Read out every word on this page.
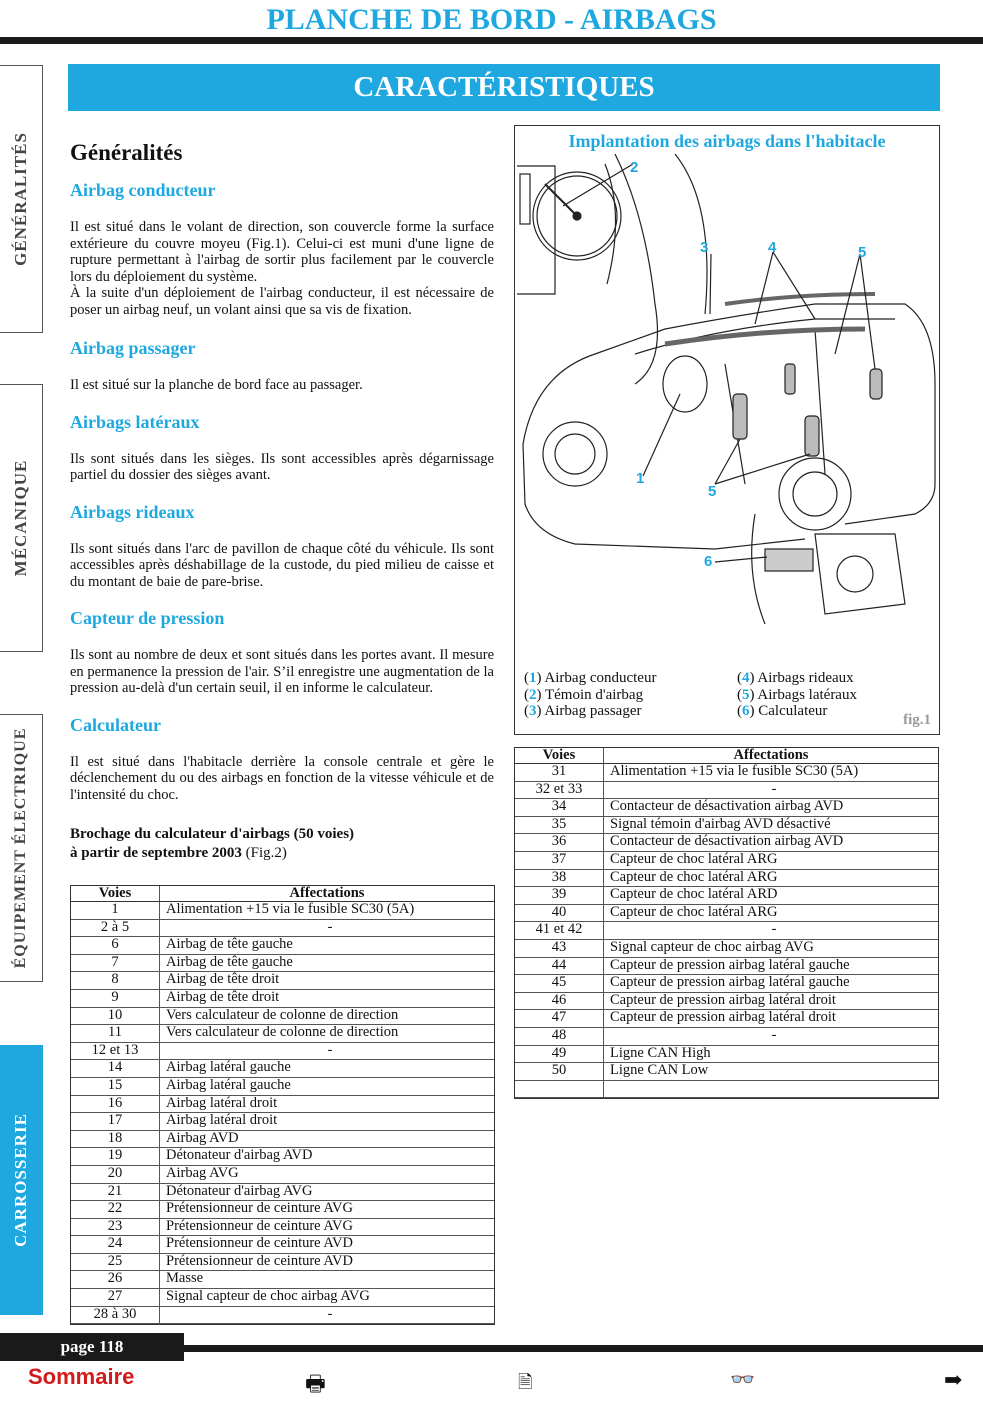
PLANCHE DE BORD - AIRBAGS
CARACTÉRISTIQUES
GÉNÉRALITÉS
MÉCANIQUE
ÉQUIPEMENT ÉLECTRIQUE
CARROSSERIE
Généralités
Airbag conducteur

Il est situé dans le volant de direction, son couvercle forme la surface extérieure du couvre moyeu (Fig.1). Celui-ci est muni d'une ligne de rupture permettant à l'airbag de sortir plus facilement par le couvercle lors du déploiement du système.

À la suite d'un déploiement de l'airbag conducteur, il est nécessaire de poser un airbag neuf, un volant ainsi que sa vis de fixation.

Airbag passager

Il est situé sur la planche de bord face au passager.

Airbags latéraux

Ils sont situés dans les sièges. Ils sont accessibles après dégarnissage partiel du dossier des sièges avant.

Airbags rideaux

Ils sont situés dans l'arc de pavillon de chaque côté du véhicule. Ils sont accessibles après déshabillage de la custode, du pied milieu de caisse et du montant de baie de pare-brise.

Capteur de pression

Ils sont au nombre de deux et sont situés dans les portes avant. Il mesure en permanence la pression de l'air. S’il enregistre une augmentation de la pression au-delà d'un certain seuil, il en informe le calculateur.

Calculateur

Il est situé dans l'habitacle derrière la console centrale et gère le déclenchement du ou des airbags en fonction de la vitesse véhicule et de l'intensité du choc.

Brochage du calculateur d'airbags (50 voies)
à partir de septembre 2003 (Fig.2)
Voies	Affectations
1	Alimentation +15 via le fusible SC30 (5A)
2 à 5	-
6	Airbag de tête gauche
7	Airbag de tête gauche
8	Airbag de tête droit
9	Airbag de tête droit
10	Vers calculateur de colonne de direction
11	Vers calculateur de colonne de direction
12 et 13	-
14	Airbag latéral gauche
15	Airbag latéral gauche
16	Airbag latéral droit
17	Airbag latéral droit
18	Airbag AVD
19	Détonateur d'airbag AVD
20	Airbag AVG
21	Détonateur d'airbag AVG
22	Prétensionneur de ceinture AVG
23	Prétensionneur de ceinture AVG
24	Prétensionneur de ceinture AVD
25	Prétensionneur de ceinture AVD
26	Masse
27	Signal capteur de choc airbag AVG
28 à 30	-
Implantation des airbags dans l'habitacle
2
3	4	5
1
5
6
(1) Airbag conducteur
(2) Témoin d'airbag
(3) Airbag passager
(4) Airbags rideaux
(5) Airbags latéraux
(6) Calculateur
fig.1
Voies	Affectations
31	Alimentation +15 via le fusible SC30 (5A)
32 et 33	-
34	Contacteur de désactivation airbag AVD
35	Signal témoin d'airbag AVD désactivé
36	Contacteur de désactivation airbag AVD
37	Capteur de choc latéral ARG
38	Capteur de choc latéral ARG
39	Capteur de choc latéral ARD
40	Capteur de choc latéral ARG
41 et 42	-
43	Signal capteur de choc airbag AVG
44	Capteur de pression airbag latéral gauche
45	Capteur de pression airbag latéral gauche
46	Capteur de pression airbag latéral droit
47	Capteur de pression airbag latéral droit
48	-
49	Ligne CAN High
50	Ligne CAN Low

page 118
Sommaire	🖶	🗎	👓	➡
